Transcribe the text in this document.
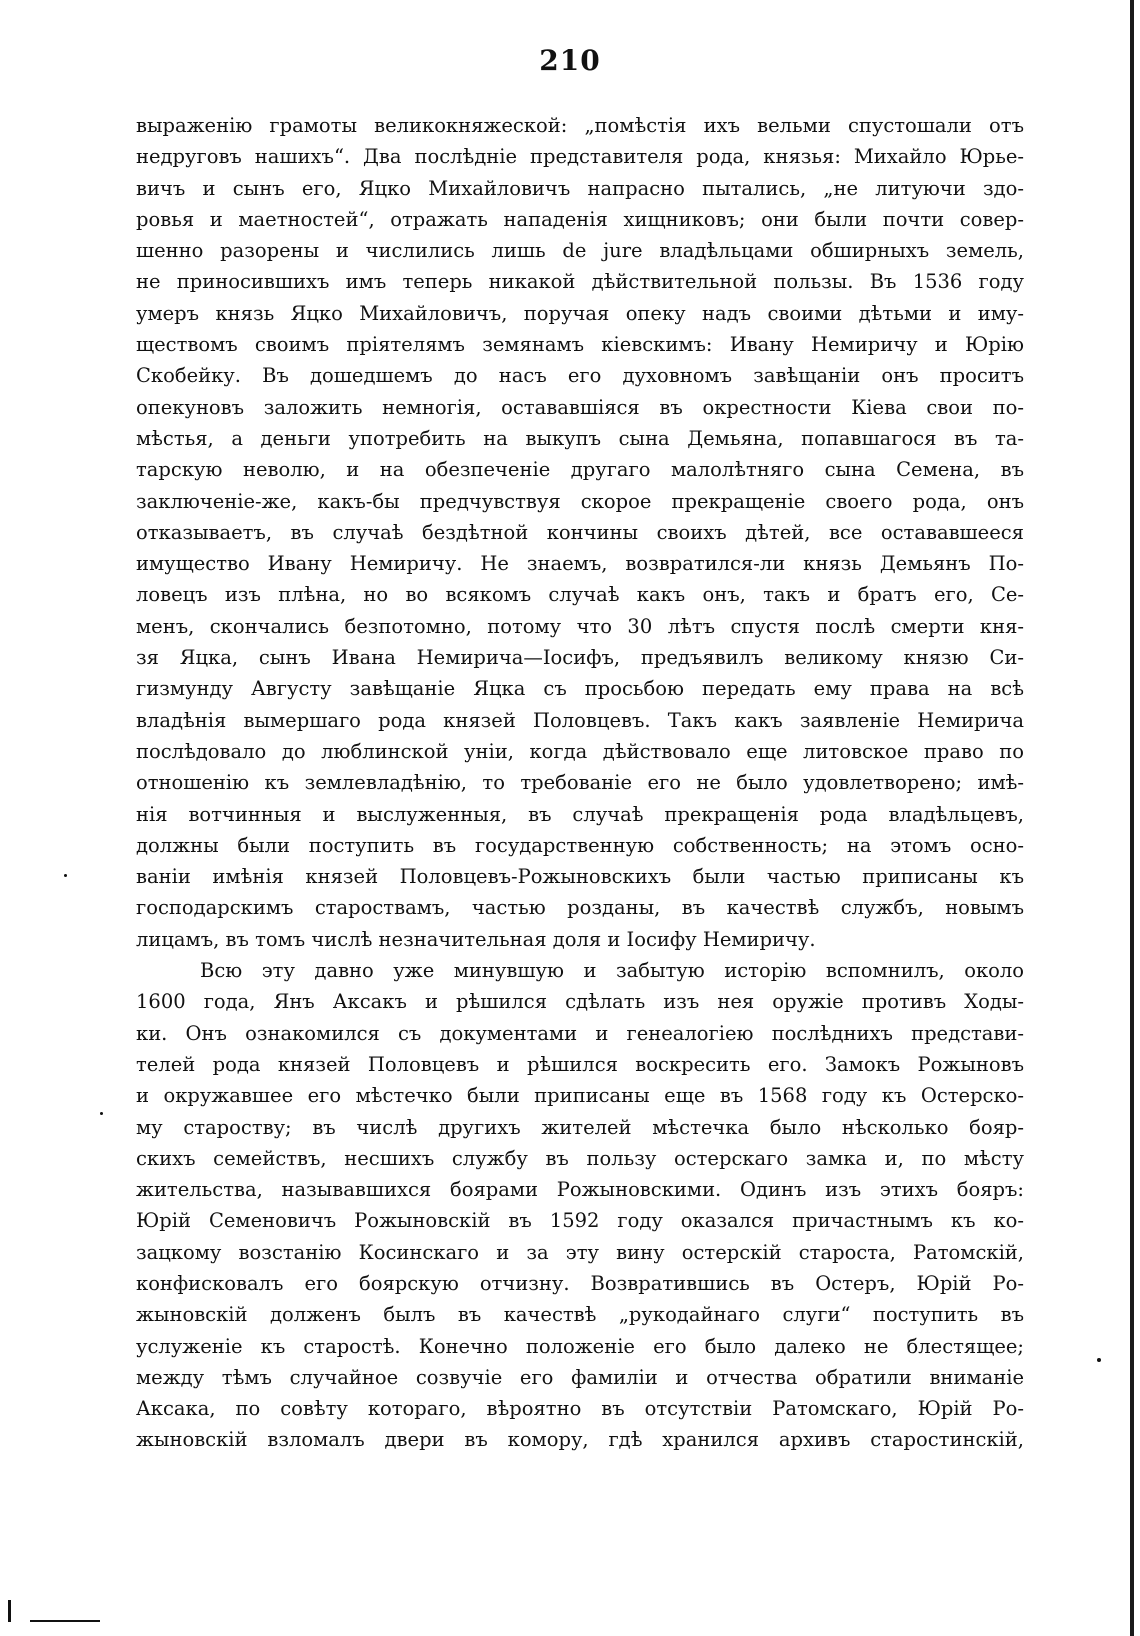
210
выраженію грамоты великокняжеской: „помѣстія ихъ вельми спустошали отъ
недруговъ нашихъ“. Два послѣдніе представителя рода, князья: Михайло Юрье-
вичъ и сынъ его, Яцко Михайловичъ напрасно пытались, „не литуючи здо-
ровья и маетностей“, отражать нападенія хищниковъ; они были почти совер-
шенно разорены и числились лишь de jure владѣльцами обширныхъ земель,
не приносившихъ имъ теперь никакой дѣйствительной пользы. Въ 1536 году
умеръ князь Яцко Михайловичъ, поручая опеку надъ своими дѣтьми и иму-
ществомъ своимъ пріятелямъ земянамъ кіевскимъ: Ивану Немиричу и Юрію
Скобейку. Въ дошедшемъ до насъ его духовномъ завѣщаніи онъ проситъ
опекуновъ заложить немногія, остававшіяся въ окрестности Кіева свои по-
мѣстья, а деньги употребить на выкупъ сына Демьяна, попавшагося въ та-
тарскую неволю, и на обезпеченіе другаго малолѣтняго сына Семена, въ
заключеніе-же, какъ-бы предчувствуя скорое прекращеніе своего рода, онъ
отказываетъ, въ случаѣ бездѣтной кончины своихъ дѣтей, все остававшееся
имущество Ивану Немиричу. Не знаемъ, возвратился-ли князь Демьянъ По-
ловецъ изъ плѣна, но во всякомъ случаѣ какъ онъ, такъ и братъ его, Се-
менъ, скончались безпотомно, потому что 30 лѣтъ спустя послѣ смерти кня-
зя Яцка, сынъ Ивана Немирича—Іосифъ, предъявилъ великому князю Си-
гизмунду Августу завѣщаніе Яцка съ просьбою передать ему права на всѣ
владѣнія вымершаго рода князей Половцевъ. Такъ какъ заявленіе Немирича
послѣдовало до люблинской уніи, когда дѣйствовало еще литовское право по
отношенію къ землевладѣнію, то требованіе его не было удовлетворено; имѣ-
нія вотчинныя и выслуженныя, въ случаѣ прекращенія рода владѣльцевъ,
должны были поступить въ государственную собственность; на этомъ осно-
ваніи имѣнія князей Половцевъ-Рожыновскихъ были частью приписаны къ
господарскимъ староствамъ, частью розданы, въ качествѣ службъ, новымъ
лицамъ, въ томъ числѣ незначительная доля и Іосифу Немиричу.
Всю эту давно уже минувшую и забытую исторію вспомнилъ, около
1600 года, Янъ Аксакъ и рѣшился сдѣлать изъ нея оружіе противъ Ходы-
ки. Онъ ознакомился съ документами и генеалогіею послѣднихъ представи-
телей рода князей Половцевъ и рѣшился воскресить его. Замокъ Рожыновъ
и окружавшее его мѣстечко были приписаны еще въ 1568 году къ Остерско-
му староству; въ числѣ другихъ жителей мѣстечка было нѣсколько бояр-
скихъ семействъ, несшихъ службу въ пользу остерскаго замка и, по мѣсту
жительства, называвшихся боярами Рожыновскими. Одинъ изъ этихъ бояръ:
Юрій Семеновичъ Рожыновскій въ 1592 году оказался причастнымъ къ ко-
зацкому возстанію Косинскаго и за эту вину остерскій староста, Ратомскій,
конфисковалъ его боярскую отчизну. Возвратившись въ Остеръ, Юрій Ро-
жыновскій долженъ былъ въ качествѣ „рукодайнаго слуги“ поступить въ
услуженіе къ старостѣ. Конечно положеніе его было далеко не блестящее;
между тѣмъ случайное созвучіе его фамиліи и отчества обратили вниманіе
Аксака, по совѣту котораго, вѣроятно въ отсутствіи Ратомскаго, Юрій Ро-
жыновскій взломалъ двери въ комору, гдѣ хранился архивъ старостинскій,
